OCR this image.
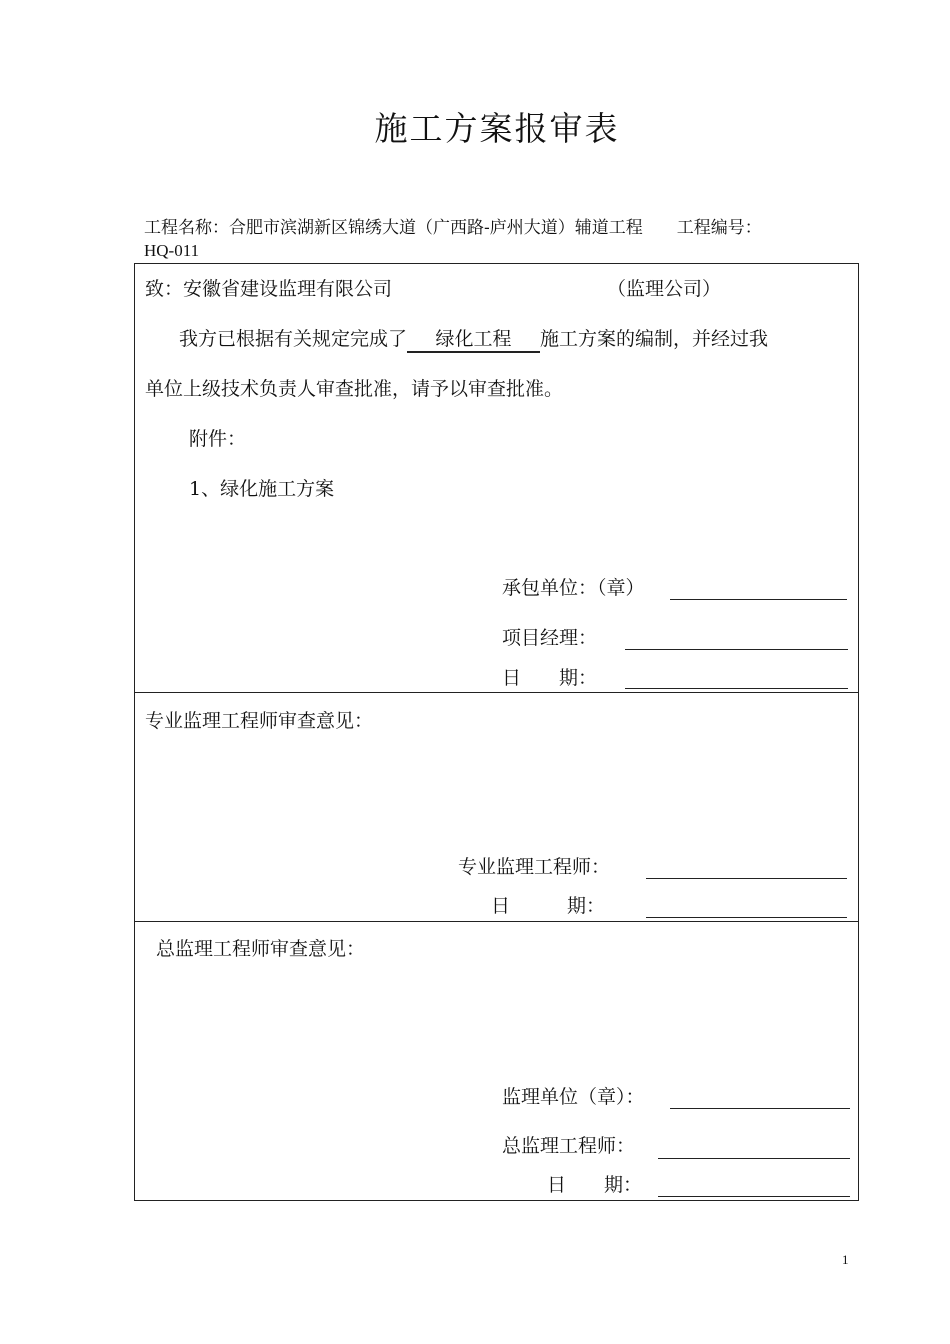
施工方案报审表
工程名称：合肥市滨湖新区锦绣大道（广西路-庐州大道）辅道工程　　工程编号：
HQ-011
致：安徽省建设监理有限公司	（监理公司）
我方已根据有关规定完成了 绿化工程 施工方案的编制，并经过我
单位上级技术负责人审查批准，请予以审查批准。
附件：
1、绿化施工方案
承包单位：（章）
项目经理：
日　　期：
专业监理工程师审查意见：
专业监理工程师：
日　　　期：
总监理工程师审查意见：
监理单位（章）：
总监理工程师：
日　　期：
1
